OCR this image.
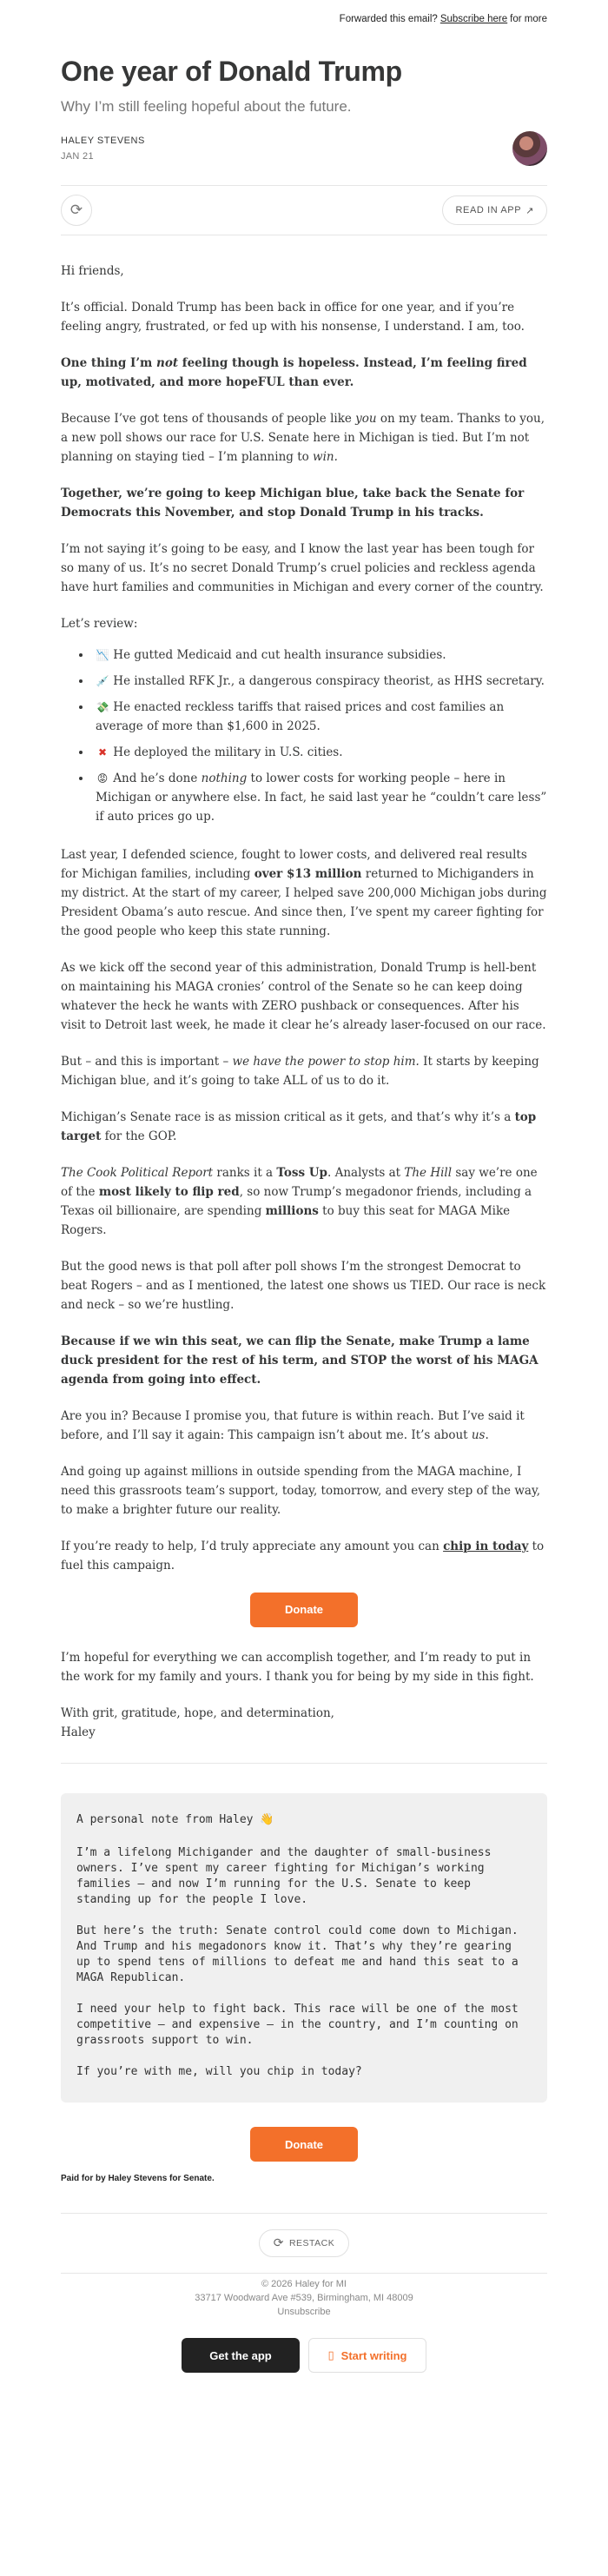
Forwarded this email? Subscribe here for more
One year of Donald Trump
Why I’m still feeling hopeful about the future.
HALEY STEVENS
JAN 21
⟳	READ IN APP ↗

Hi friends,

It’s official. Donald Trump has been back in office for one year, and if you’re feeling angry, frustrated, or fed up with his nonsense, I understand. I am, too.

One thing I’m not feeling though is hopeless. Instead, I’m feeling fired up, motivated, and more hopeFUL than ever.

Because I’ve got tens of thousands of people like you on my team. Thanks to you, a new poll shows our race for U.S. Senate here in Michigan is tied. But I’m not planning on staying tied – I’m planning to win.

Together, we’re going to keep Michigan blue, take back the Senate for Democrats this November, and stop Donald Trump in his tracks.

I’m not saying it’s going to be easy, and I know the last year has been tough for so many of us. It’s no secret Donald Trump’s cruel policies and reckless agenda have hurt families and communities in Michigan and every corner of the country.

Let’s review:

• 📉 He gutted Medicaid and cut health insurance subsidies.
• 💉 He installed RFK Jr., a dangerous conspiracy theorist, as HHS secretary.
• 💸 He enacted reckless tariffs that raised prices and cost families an average of more than $1,600 in 2025.
• ✖ He deployed the military in U.S. cities.
• 😡 And he’s done nothing to lower costs for working people – here in Michigan or anywhere else. In fact, he said last year he “couldn’t care less” if auto prices go up.

Last year, I defended science, fought to lower costs, and delivered real results for Michigan families, including over $13 million returned to Michiganders in my district. At the start of my career, I helped save 200,000 Michigan jobs during President Obama’s auto rescue. And since then, I’ve spent my career fighting for the good people who keep this state running.

As we kick off the second year of this administration, Donald Trump is hell-bent on maintaining his MAGA cronies’ control of the Senate so he can keep doing whatever the heck he wants with ZERO pushback or consequences. After his visit to Detroit last week, he made it clear he’s already laser-focused on our race.

But – and this is important – we have the power to stop him. It starts by keeping Michigan blue, and it’s going to take ALL of us to do it.

Michigan’s Senate race is as mission critical as it gets, and that’s why it’s a top target for the GOP.

The Cook Political Report ranks it a Toss Up. Analysts at The Hill say we’re one of the most likely to flip red, so now Trump’s megadonor friends, including a Texas oil billionaire, are spending millions to buy this seat for MAGA Mike Rogers.

But the good news is that poll after poll shows I’m the strongest Democrat to beat Rogers – and as I mentioned, the latest one shows us TIED. Our race is neck and neck – so we’re hustling.

Because if we win this seat, we can flip the Senate, make Trump a lame duck president for the rest of his term, and STOP the worst of his MAGA agenda from going into effect.

Are you in? Because I promise you, that future is within reach. But I’ve said it before, and I’ll say it again: This campaign isn’t about me. It’s about us.

And going up against millions in outside spending from the MAGA machine, I need this grassroots team’s support, today, tomorrow, and every step of the way, to make a brighter future our reality.

If you’re ready to help, I’d truly appreciate any amount you can chip in today to fuel this campaign.

Donate

I’m hopeful for everything we can accomplish together, and I’m ready to put in the work for my family and yours. I thank you for being by my side in this fight.

With grit, gratitude, hope, and determination,
Haley

A personal note from Haley 👋

I’m a lifelong Michigander and the daughter of small-business owners. I’ve spent my career fighting for Michigan’s working families – and now I’m running for the U.S. Senate to keep standing up for the people I love.

But here’s the truth: Senate control could come down to Michigan. And Trump and his megadonors know it. That’s why they’re gearing up to spend tens of millions to defeat me and hand this seat to a MAGA Republican.

I need your help to fight back. This race will be one of the most competitive – and expensive – in the country, and I’m counting on grassroots support to win.

If you’re with me, will you chip in today?

Donate
Paid for by Haley Stevens for Senate.
⟳ RESTACK
© 2026 Haley for MI
33717 Woodward Ave #539, Birmingham, MI 48009
Unsubscribe
Get the app	▯ Start writing
